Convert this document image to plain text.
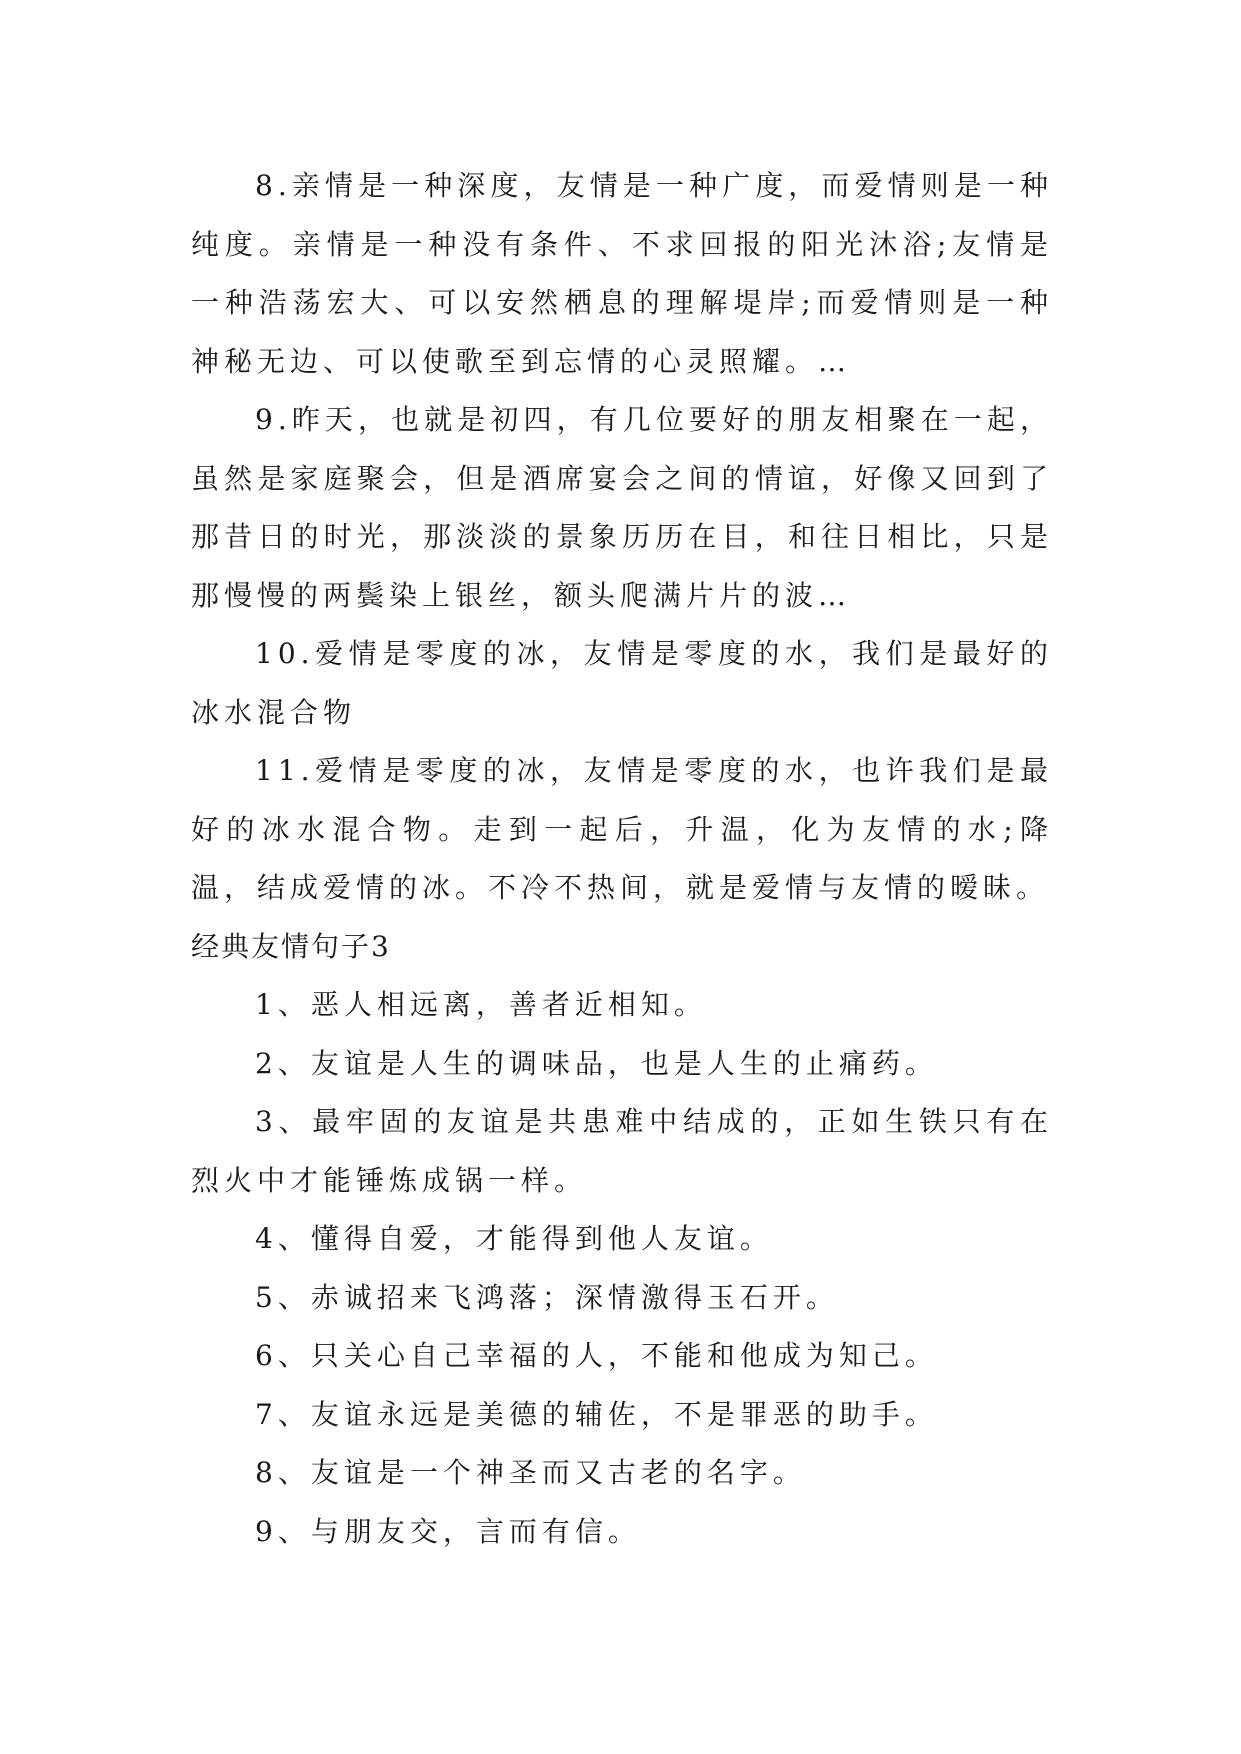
8.亲情是一种深度，友情是一种广度，而爱情则是一种纯度。亲情是一种没有条件、不求回报的阳光沐浴;友情是一种浩荡宏大、可以安然栖息的理解堤岸;而爱情则是一种神秘无边、可以使歌至到忘情的心灵照耀。…

9.昨天，也就是初四，有几位要好的朋友相聚在一起，虽然是家庭聚会，但是酒席宴会之间的情谊，好像又回到了那昔日的时光，那淡淡的景象历历在目，和往日相比，只是那慢慢的两鬓染上银丝，额头爬满片片的波…

10.爱情是零度的冰，友情是零度的水，我们是最好的冰水混合物

11.爱情是零度的冰，友情是零度的水，也许我们是最好的冰水混合物。走到一起后，升温，化为友情的水;降温，结成爱情的冰。不冷不热间，就是爱情与友情的暧昧。

经典友情句子3

1、恶人相远离，善者近相知。

2、友谊是人生的调味品，也是人生的止痛药。

3、最牢固的友谊是共患难中结成的，正如生铁只有在烈火中才能锤炼成锅一样。

4、懂得自爱，才能得到他人友谊。

5、赤诚招来飞鸿落；深情激得玉石开。

6、只关心自己幸福的人，不能和他成为知己。

7、友谊永远是美德的辅佐，不是罪恶的助手。

8、友谊是一个神圣而又古老的名字。

9、与朋友交，言而有信。
